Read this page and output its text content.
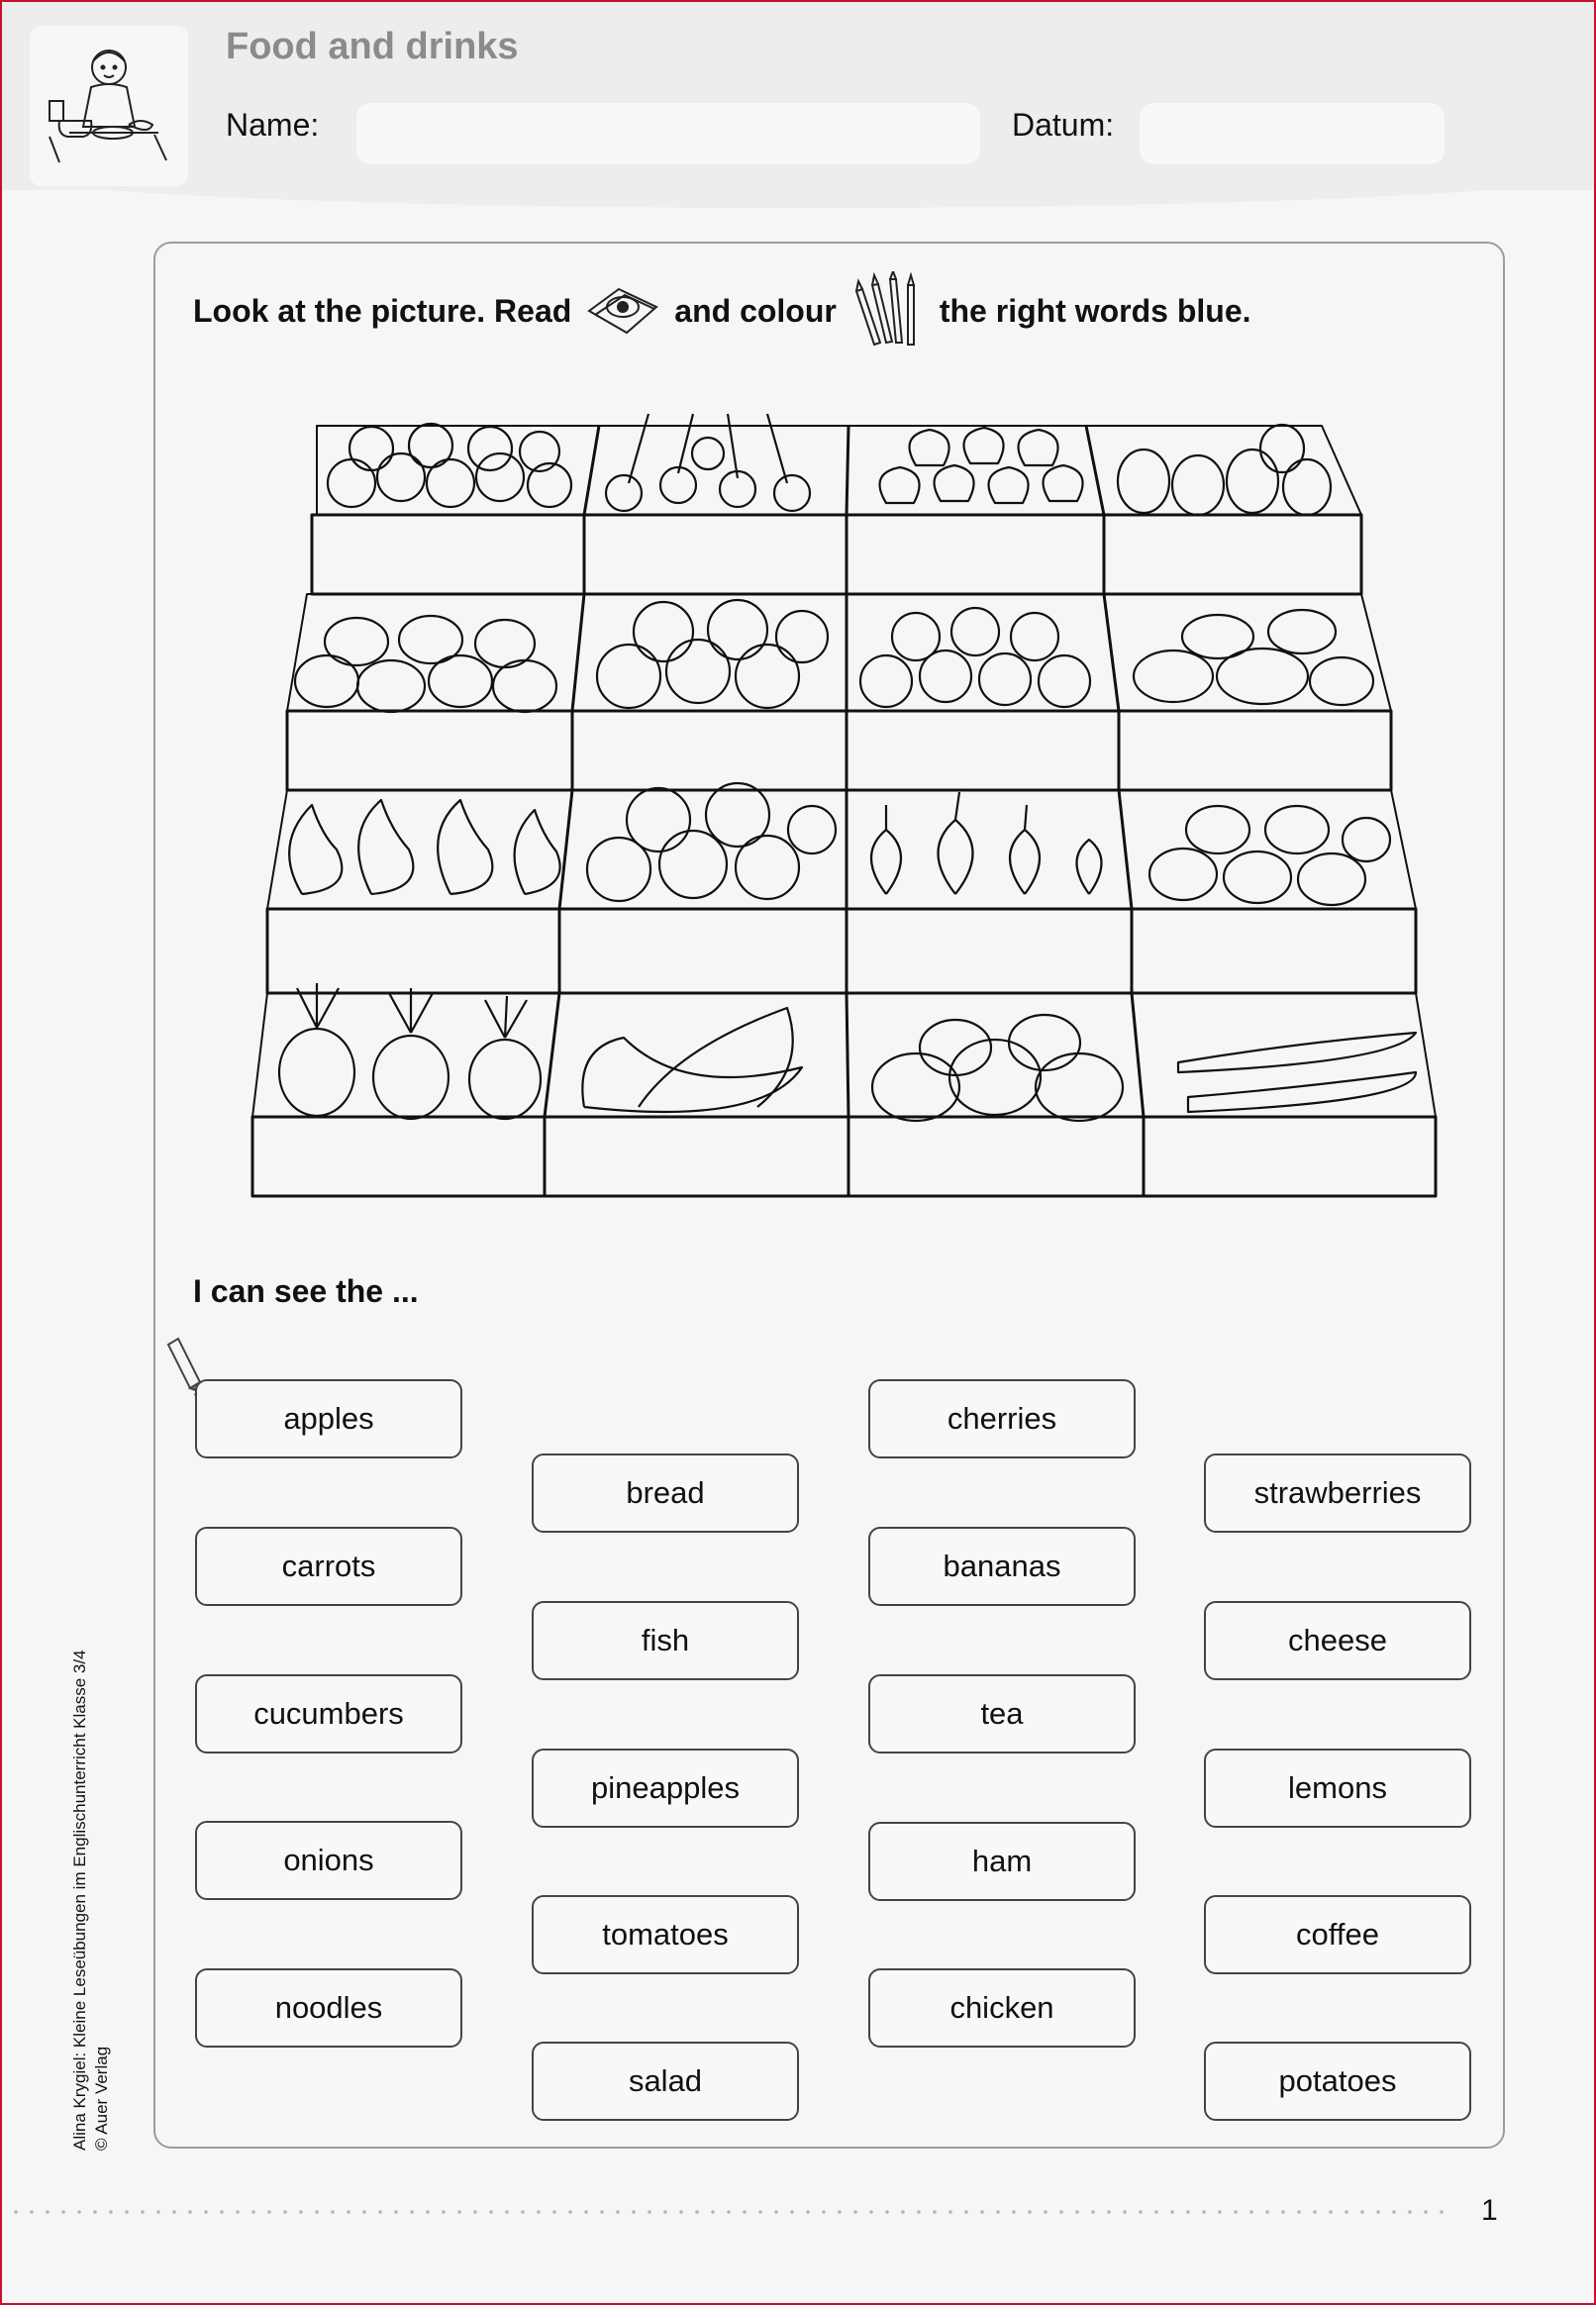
Food and drinks
Name:	Datum:
Look at the picture. Read	and colour	the right words blue.
I can see the ...
apples
carrots
cucumbers
onions
noodles
bread
fish
pineapples
tomatoes
salad
cherries
bananas
tea
ham
chicken
strawberries
cheese
lemons
coffee
potatoes
Alina Krygiel: Kleine Leseübungen im Englischunterricht Klasse 3/4 © Auer Verlag
1
